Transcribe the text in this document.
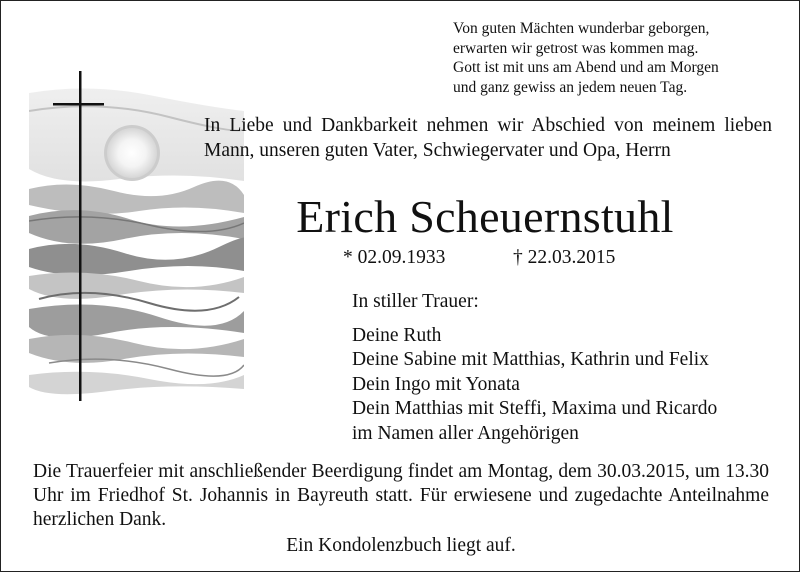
Von guten Mächten wunderbar geborgen,
erwarten wir getrost was kommen mag.
Gott ist mit uns am Abend und am Morgen
und ganz gewiss an jedem neuen Tag.
In Liebe und Dankbarkeit nehmen wir Abschied von meinem lieben Mann, unseren guten Vater, Schwiegervater und Opa, Herrn
Erich Scheuernstuhl
* 02.09.1933	† 22.03.2015
In stiller Trauer:
Deine Ruth
Deine Sabine mit Matthias, Kathrin und Felix
Dein Ingo mit Yonata
Dein Matthias mit Steffi, Maxima und Ricardo
im Namen aller Angehörigen
Die Trauerfeier mit anschließender Beerdigung findet am Montag, dem 30.03.2015, um 13.30 Uhr im Friedhof St. Johannis in Bayreuth statt. Für erwiesene und zugedachte Anteilnahme herzlichen Dank.
Ein Kondolenzbuch liegt auf.
